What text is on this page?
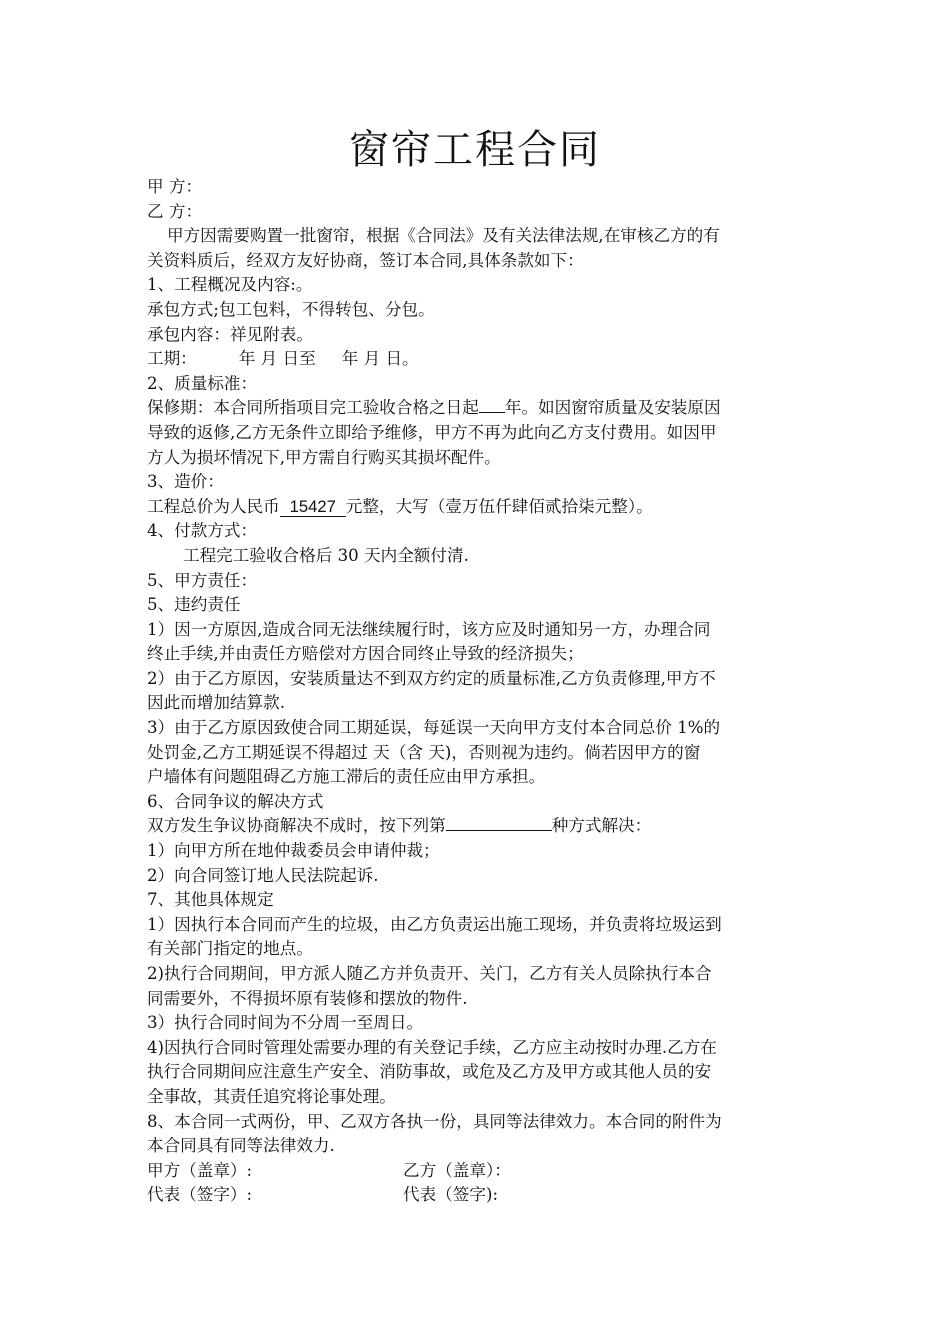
窗帘工程合同
甲 方：
乙 方：
甲方因需要购置一批窗帘，根据《合同法》及有关法律法规,在审核乙方的有
关资料质后，经双方友好协商，签订本合同,具体条款如下：
1、工程概况及内容:。
承包方式;包工包料，不得转包、分包。
承包内容：祥见附表。
工期：	年 月 日至 年 月 日。
2、质量标准：
保修期：本合同所指项目完工验收合格之日起 年。如因窗帘质量及安装原因
导致的返修,乙方无条件立即给予维修，甲方不再为此向乙方支付费用。如因甲
方人为损坏情况下,甲方需自行购买其损坏配件。
3、造价：
工程总价为人民币 15427 元整，大写（壹万伍仟肆佰贰拾柒元整）。
4、付款方式：
工程完工验收合格后 30 天内全额付清.
5、甲方责任：
5、违约责任
1）因一方原因,造成合同无法继续履行时，该方应及时通知另一方，办理合同
终止手续,并由责任方赔偿对方因合同终止导致的经济损失；
2）由于乙方原因，安装质量达不到双方约定的质量标准,乙方负责修理,甲方不
因此而增加结算款.
3）由于乙方原因致使合同工期延误，每延误一天向甲方支付本合同总价 1%的
处罚金,乙方工期延误不得超过 天（含 天)，否则视为违约。倘若因甲方的窗
户墙体有问题阻碍乙方施工滞后的责任应由甲方承担。
6、合同争议的解决方式
双方发生争议协商解决不成时，按下列第	种方式解决：
1）向甲方所在地仲裁委员会申请仲裁；
2）向合同签订地人民法院起诉.
7、其他具体规定
1）因执行本合同而产生的垃圾，由乙方负责运出施工现场，并负责将垃圾运到
有关部门指定的地点。
2)执行合同期间，甲方派人随乙方并负责开、关门，乙方有关人员除执行本合
同需要外，不得损坏原有装修和摆放的物件.
3）执行合同时间为不分周一至周日。
4)因执行合同时管理处需要办理的有关登记手续，乙方应主动按时办理.乙方在
执行合同期间应注意生产安全、消防事故，或危及乙方及甲方或其他人员的安
全事故，其责任追究将论事处理。
8、本合同一式两份，甲、乙双方各执一份，具同等法律效力。本合同的附件为
本合同具有同等法律效力.
甲方（盖章）:	乙方（盖章）：
代表（签字）:	代表（签字):
